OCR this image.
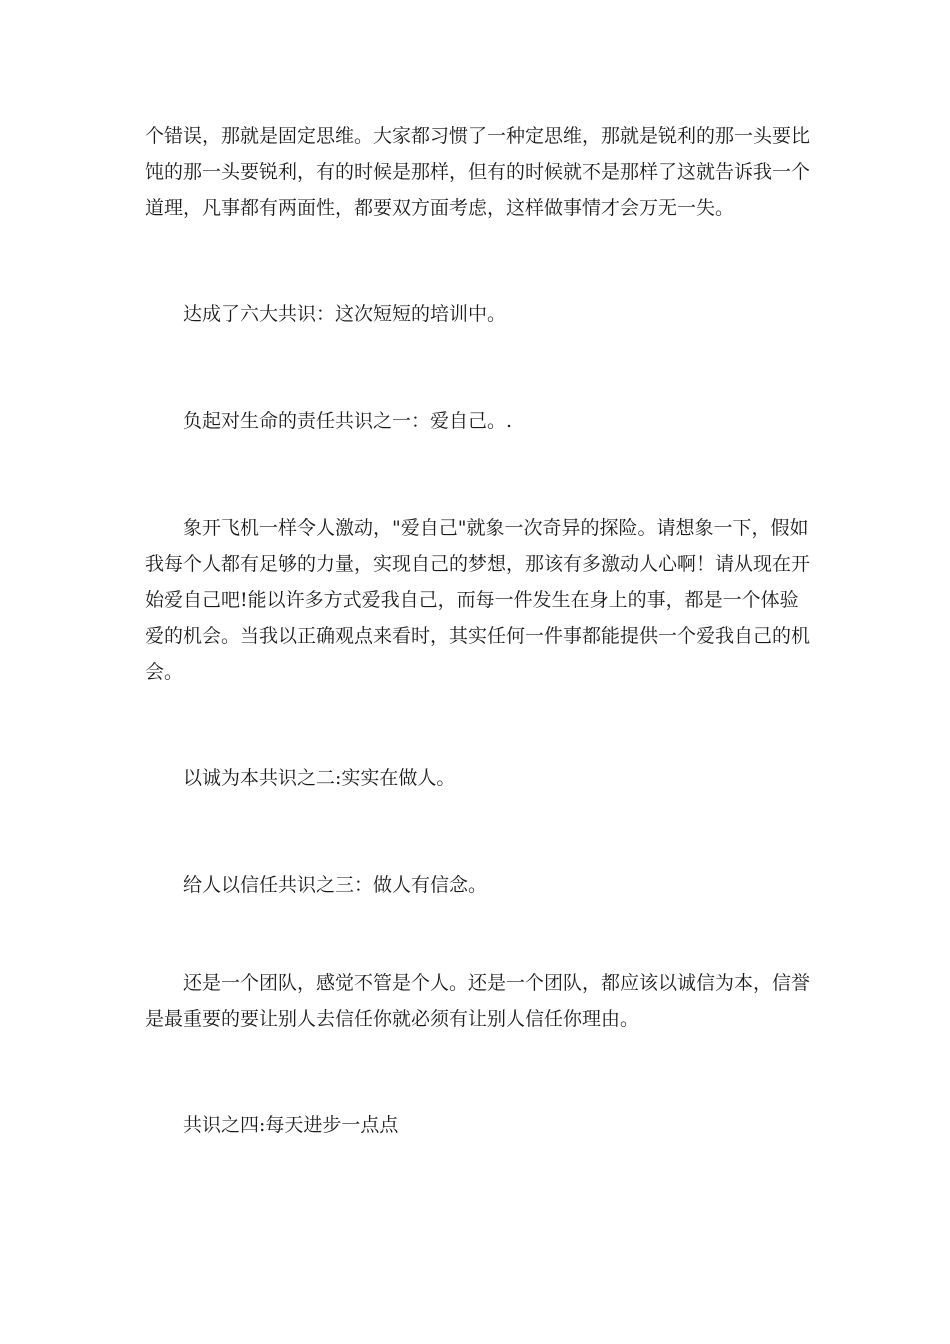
个错误，那就是固定思维。大家都习惯了一种定思维，那就是锐利的那一头要比饨的那一头要锐利，有的时候是那样，但有的时候就不是那样了这就告诉我一个道理，凡事都有两面性，都要双方面考虑，这样做事情才会万无一失。

达成了六大共识：这次短短的培训中。

负起对生命的责任共识之一：爱自己。.

象开飞机一样令人激动，"爱自己"就象一次奇异的探险。请想象一下，假如我每个人都有足够的力量，实现自己的梦想，那该有多激动人心啊！请从现在开始爱自己吧!能以许多方式爱我自己，而每一件发生在身上的事，都是一个体验爱的机会。当我以正确观点来看时，其实任何一件事都能提供一个爱我自己的机会。

以诚为本共识之二:实实在做人。

给人以信任共识之三：做人有信念。

还是一个团队，感觉不管是个人。还是一个团队，都应该以诚信为本，信誉是最重要的要让别人去信任你就必须有让别人信任你理由。

共识之四:每天进步一点点
